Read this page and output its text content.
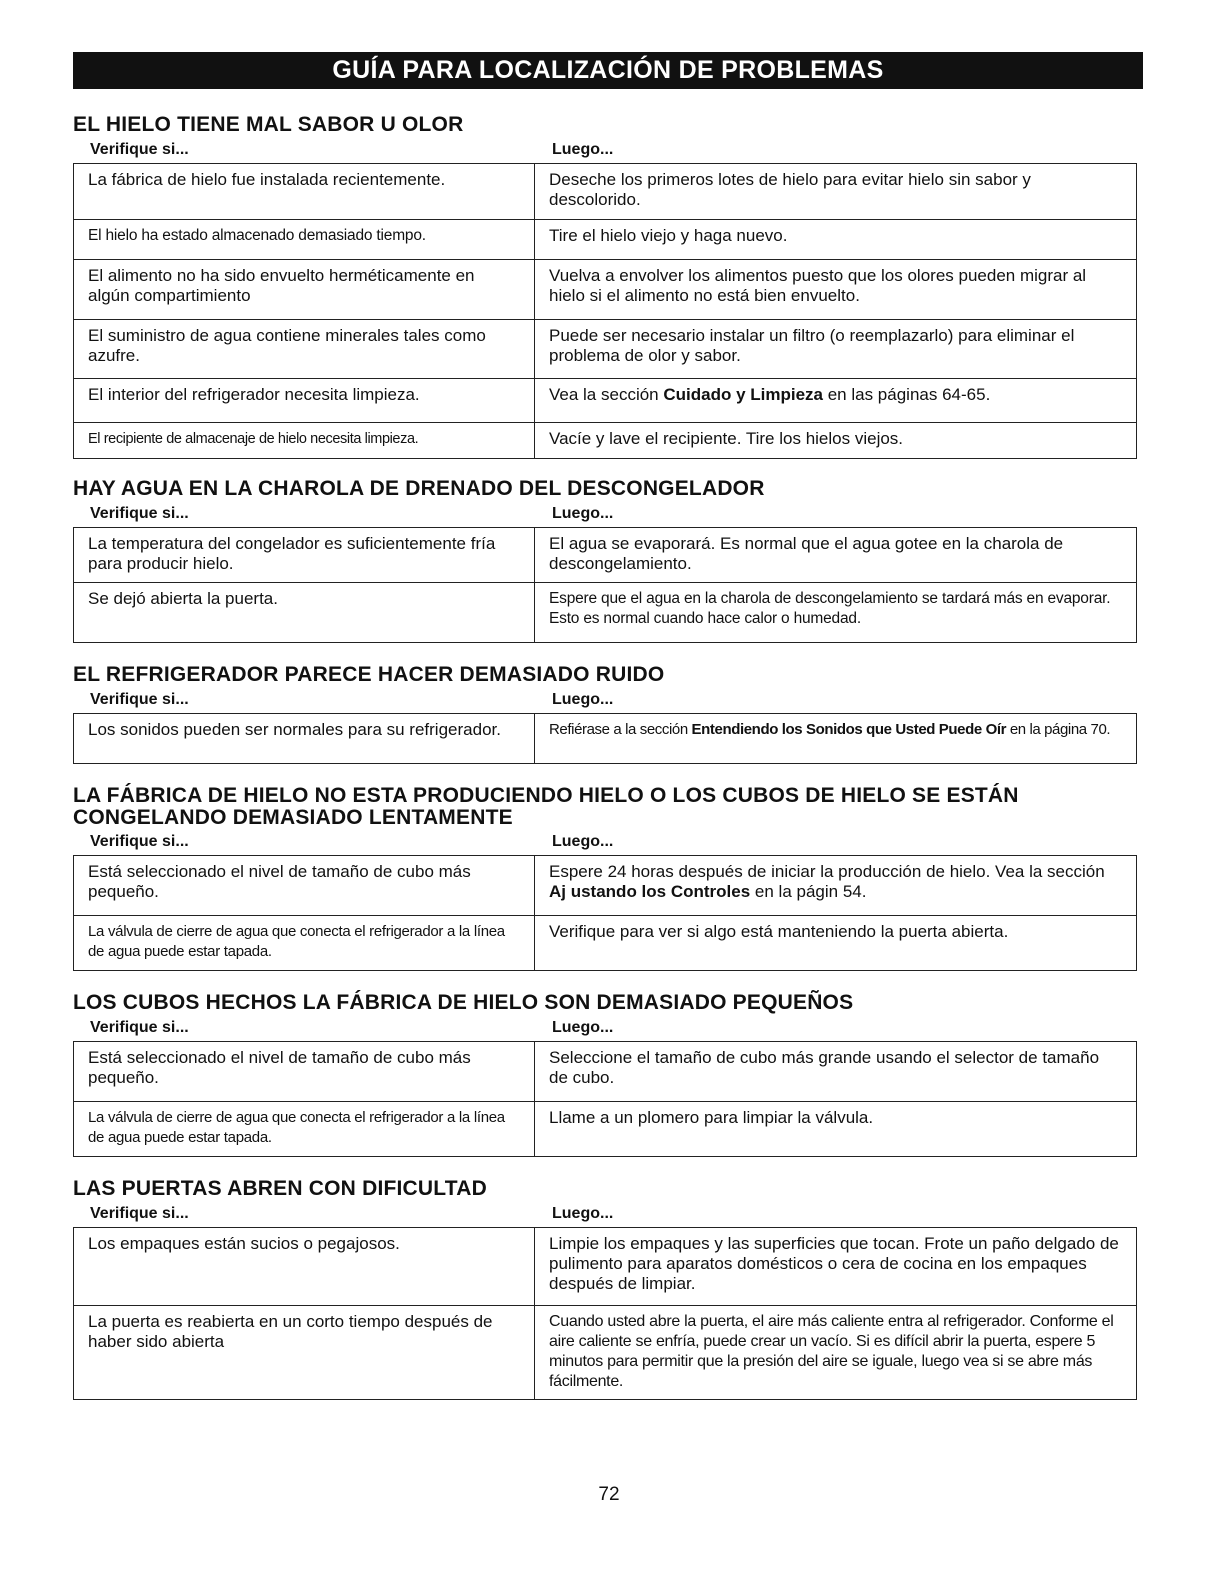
GUÍA PARA LOCALIZACIÓN DE PROBLEMAS
EL HIELO TIENE MAL SABOR U OLOR
Verifique si...	Luego...
La fábrica de hielo fue instalada recientemente.	Deseche los primeros lotes de hielo para evitar hielo sin sabor y descolorido.
El hielo ha estado almacenado demasiado tiempo.	Tire el hielo viejo y haga nuevo.
El alimento no ha sido envuelto herméticamente en algún compartimiento	Vuelva a envolver los alimentos puesto que los olores pueden migrar al hielo si el alimento no está bien envuelto.
El suministro de agua contiene minerales tales como azufre.	Puede ser necesario instalar un filtro (o reemplazarlo) para eliminar el problema de olor y sabor.
El interior del refrigerador necesita limpieza.	Vea la sección Cuidado y Limpieza en las páginas 64-65.
El recipiente de almacenaje de hielo necesita limpieza.	Vacíe y lave el recipiente. Tire los hielos viejos.
HAY AGUA EN LA CHAROLA DE DRENADO DEL DESCONGELADOR
Verifique si...	Luego...
La temperatura del congelador es suficientemente fría para producir hielo.	El agua se evaporará. Es normal que el agua gotee en la charola de descongelamiento.
Se dejó abierta la puerta.	Espere que el agua en la charola de descongelamiento se tardará más en evaporar. Esto es normal cuando hace calor o humedad.
EL REFRIGERADOR PARECE HACER DEMASIADO RUIDO
Verifique si...	Luego...
Los sonidos pueden ser normales para su refrigerador.	Refiérase a la sección Entendiendo los Sonidos que Usted Puede Oír en la página 70.
LA FÁBRICA DE HIELO NO ESTA PRODUCIENDO HIELO O LOS CUBOS DE HIELO SE ESTÁN CONGELANDO DEMASIADO LENTAMENTE
Verifique si...	Luego...
Está seleccionado el nivel de tamaño de cubo más pequeño.	Espere 24 horas después de iniciar la producción de hielo. Vea la sección Aj ustando los Controles en la págin 54.
La válvula de cierre de agua que conecta el refrigerador a la línea de agua puede estar tapada.	Verifique para ver si algo está manteniendo la puerta abierta.
LOS CUBOS HECHOS LA FÁBRICA DE HIELO SON DEMASIADO PEQUEÑOS
Verifique si...	Luego...
Está seleccionado el nivel de tamaño de cubo más pequeño.	Seleccione el tamaño de cubo más grande usando el selector de tamaño de cubo.
La válvula de cierre de agua que conecta el refrigerador a la línea de agua puede estar tapada.	Llame a un plomero para limpiar la válvula.
LAS PUERTAS ABREN CON DIFICULTAD
Verifique si...	Luego...
Los empaques están sucios o pegajosos.	Limpie los empaques y las superficies que tocan. Frote un paño delgado de pulimento para aparatos domésticos o cera de cocina en los empaques después de limpiar.
La puerta es reabierta en un corto tiempo después de haber sido abierta	Cuando usted abre la puerta, el aire más caliente entra al refrigerador. Conforme el aire caliente se enfría, puede crear un vacío. Si es difícil abrir la puerta, espere 5 minutos para permitir que la presión del aire se iguale, luego vea si se abre más fácilmente.
72
